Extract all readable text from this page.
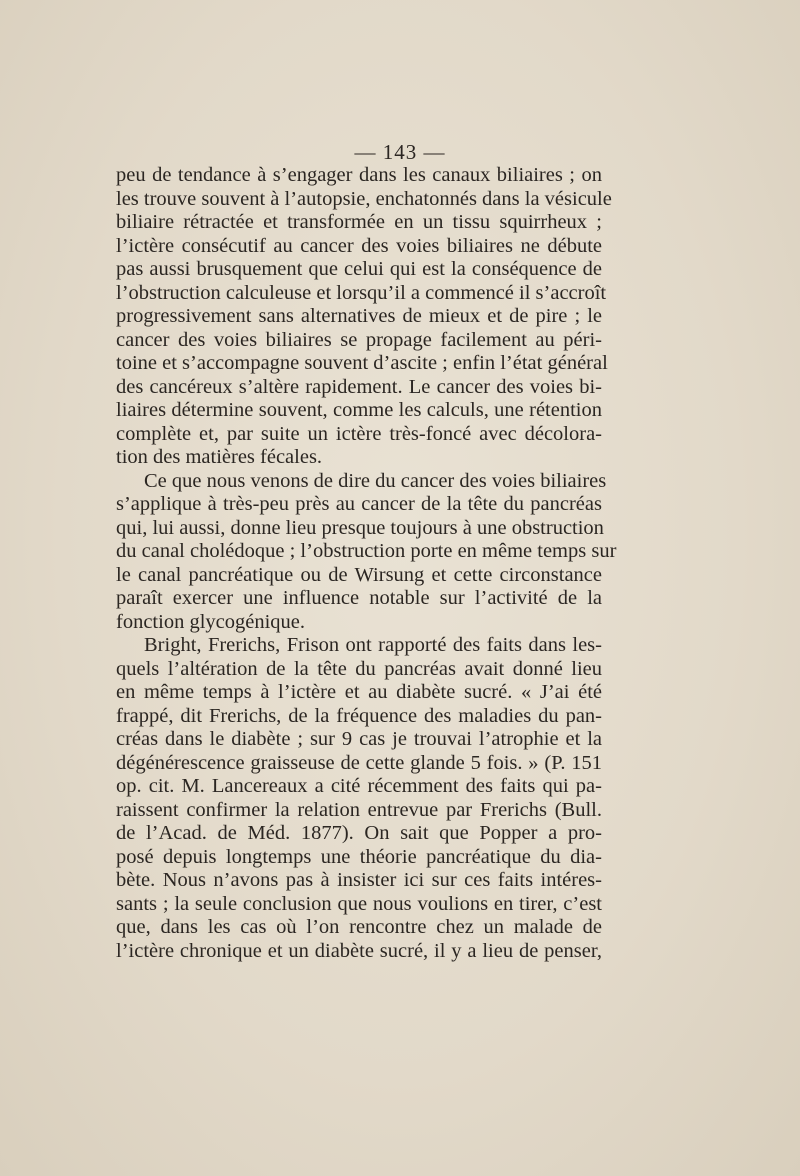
— 143 —
peu de tendance à s’engager dans les canaux biliaires ; on
les trouve souvent à l’autopsie, enchatonnés dans la vésicule
biliaire rétractée et transformée en un tissu squirrheux ;
l’ictère consécutif au cancer des voies biliaires ne débute
pas aussi brusquement que celui qui est la conséquence de
l’obstruction calculeuse et lorsqu’il a commencé il s’accroît
progressivement sans alternatives de mieux et de pire ; le
cancer des voies biliaires se propage facilement au péri-
toine et s’accompagne souvent d’ascite ; enfin l’état général
des cancéreux s’altère rapidement. Le cancer des voies bi-
liaires détermine souvent, comme les calculs, une rétention
complète et, par suite un ictère très-foncé avec décolora-
tion des matières fécales.
Ce que nous venons de dire du cancer des voies biliaires
s’applique à très-peu près au cancer de la tête du pancréas
qui, lui aussi, donne lieu presque toujours à une obstruction
du canal cholédoque ; l’obstruction porte en même temps sur
le canal pancréatique ou de Wirsung et cette circonstance
paraît exercer une influence notable sur l’activité de la
fonction glycogénique.
Bright, Frerichs, Frison ont rapporté des faits dans les-
quels l’altération de la tête du pancréas avait donné lieu
en même temps à l’ictère et au diabète sucré. « J’ai été
frappé, dit Frerichs, de la fréquence des maladies du pan-
créas dans le diabète ; sur 9 cas je trouvai l’atrophie et la
dégénérescence graisseuse de cette glande 5 fois. » (P. 151
op. cit. M. Lancereaux a cité récemment des faits qui pa-
raissent confirmer la relation entrevue par Frerichs (Bull.
de l’Acad. de Méd. 1877). On sait que Popper a pro-
posé depuis longtemps une théorie pancréatique du dia-
bète. Nous n’avons pas à insister ici sur ces faits intéres-
sants ; la seule conclusion que nous voulions en tirer, c’est
que, dans les cas où l’on rencontre chez un malade de
l’ictère chronique et un diabète sucré, il y a lieu de penser,
